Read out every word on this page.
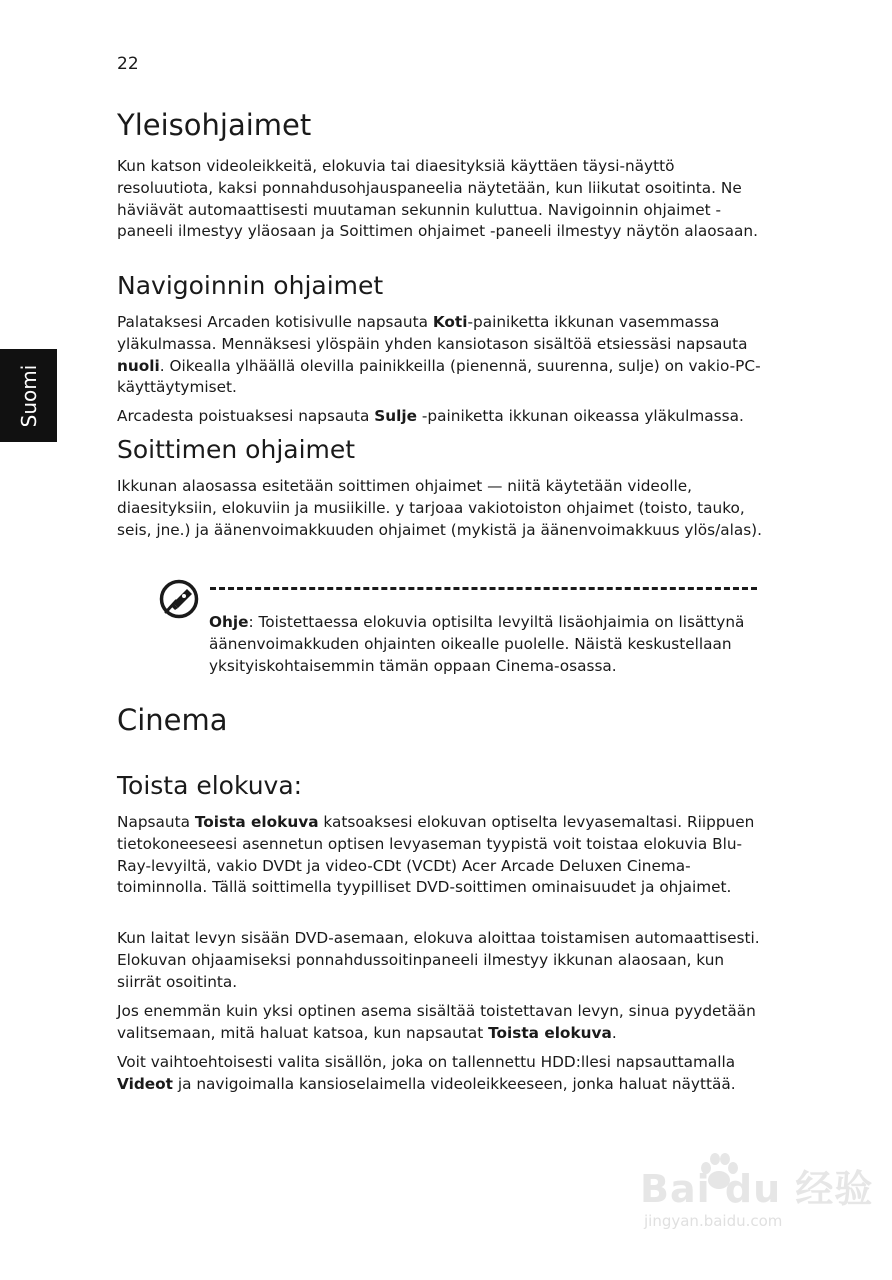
22
Suomi
Yleisohjaimet

Kun katson videoleikkeitä, elokuvia tai diaesityksiä käyttäen täysi-näyttö resoluutiota, kaksi ponnahdusohjauspaneelia näytetään, kun liikutat osoitinta. Ne häviävät automaattisesti muutaman sekunnin kuluttua. Navigoinnin ohjaimet -paneeli ilmestyy yläosaan ja Soittimen ohjaimet -paneeli ilmestyy näytön alaosaan.

Navigoinnin ohjaimet

Palataksesi Arcaden kotisivulle napsauta Koti-painiketta ikkunan vasemmassa yläkulmassa. Mennäksesi ylöspäin yhden kansiotason sisältöä etsiessäsi napsauta nuoli. Oikealla ylhäällä olevilla painikkeilla (pienennä, suurenna, sulje) on vakio-PC-käyttäytymiset.

Arcadesta poistuaksesi napsauta Sulje -painiketta ikkunan oikeassa yläkulmassa.

Soittimen ohjaimet

Ikkunan alaosassa esitetään soittimen ohjaimet — niitä käytetään videolle, diaesityksiin, elokuviin ja musiikille. y tarjoaa vakiotoiston ohjaimet (toisto, tauko, seis, jne.) ja äänenvoimakkuuden ohjaimet (mykistä ja äänenvoimakkuus ylös/alas).

Cinema
Toista elokuva:

Napsauta Toista elokuva katsoaksesi elokuvan optiselta levyasemaltasi. Riippuen tietokoneeseesi asennetun optisen levyaseman tyypistä voit toistaa elokuvia Blu-Ray-levyiltä, vakio DVDt ja video-CDt (VCDt) Acer Arcade Deluxen Cinema-toiminnolla. Tällä soittimella tyypilliset DVD-soittimen ominaisuudet ja ohjaimet.

Kun laitat levyn sisään DVD-asemaan, elokuva aloittaa toistamisen automaattisesti. Elokuvan ohjaamiseksi ponnahdussoitinpaneeli ilmestyy ikkunan alaosaan, kun siirrät osoitinta.

Jos enemmän kuin yksi optinen asema sisältää toistettavan levyn, sinua pyydetään valitsemaan, mitä haluat katsoa, kun napsautat Toista elokuva.

Voit vaihtoehtoisesti valita sisällön, joka on tallennettu HDD:llesi napsauttamalla Videot ja navigoimalla kansioselaimella videoleikkeeseen, jonka haluat näyttää.

Ohje: Toistettaessa elokuvia optisilta levyiltä lisäohjaimia on lisättynä äänenvoimakkuden ohjainten oikealle puolelle. Näistä keskustellaan yksityiskohtaisemmin tämän oppaan Cinema-osassa.

Bai du 经验
jingyan.baidu.com
